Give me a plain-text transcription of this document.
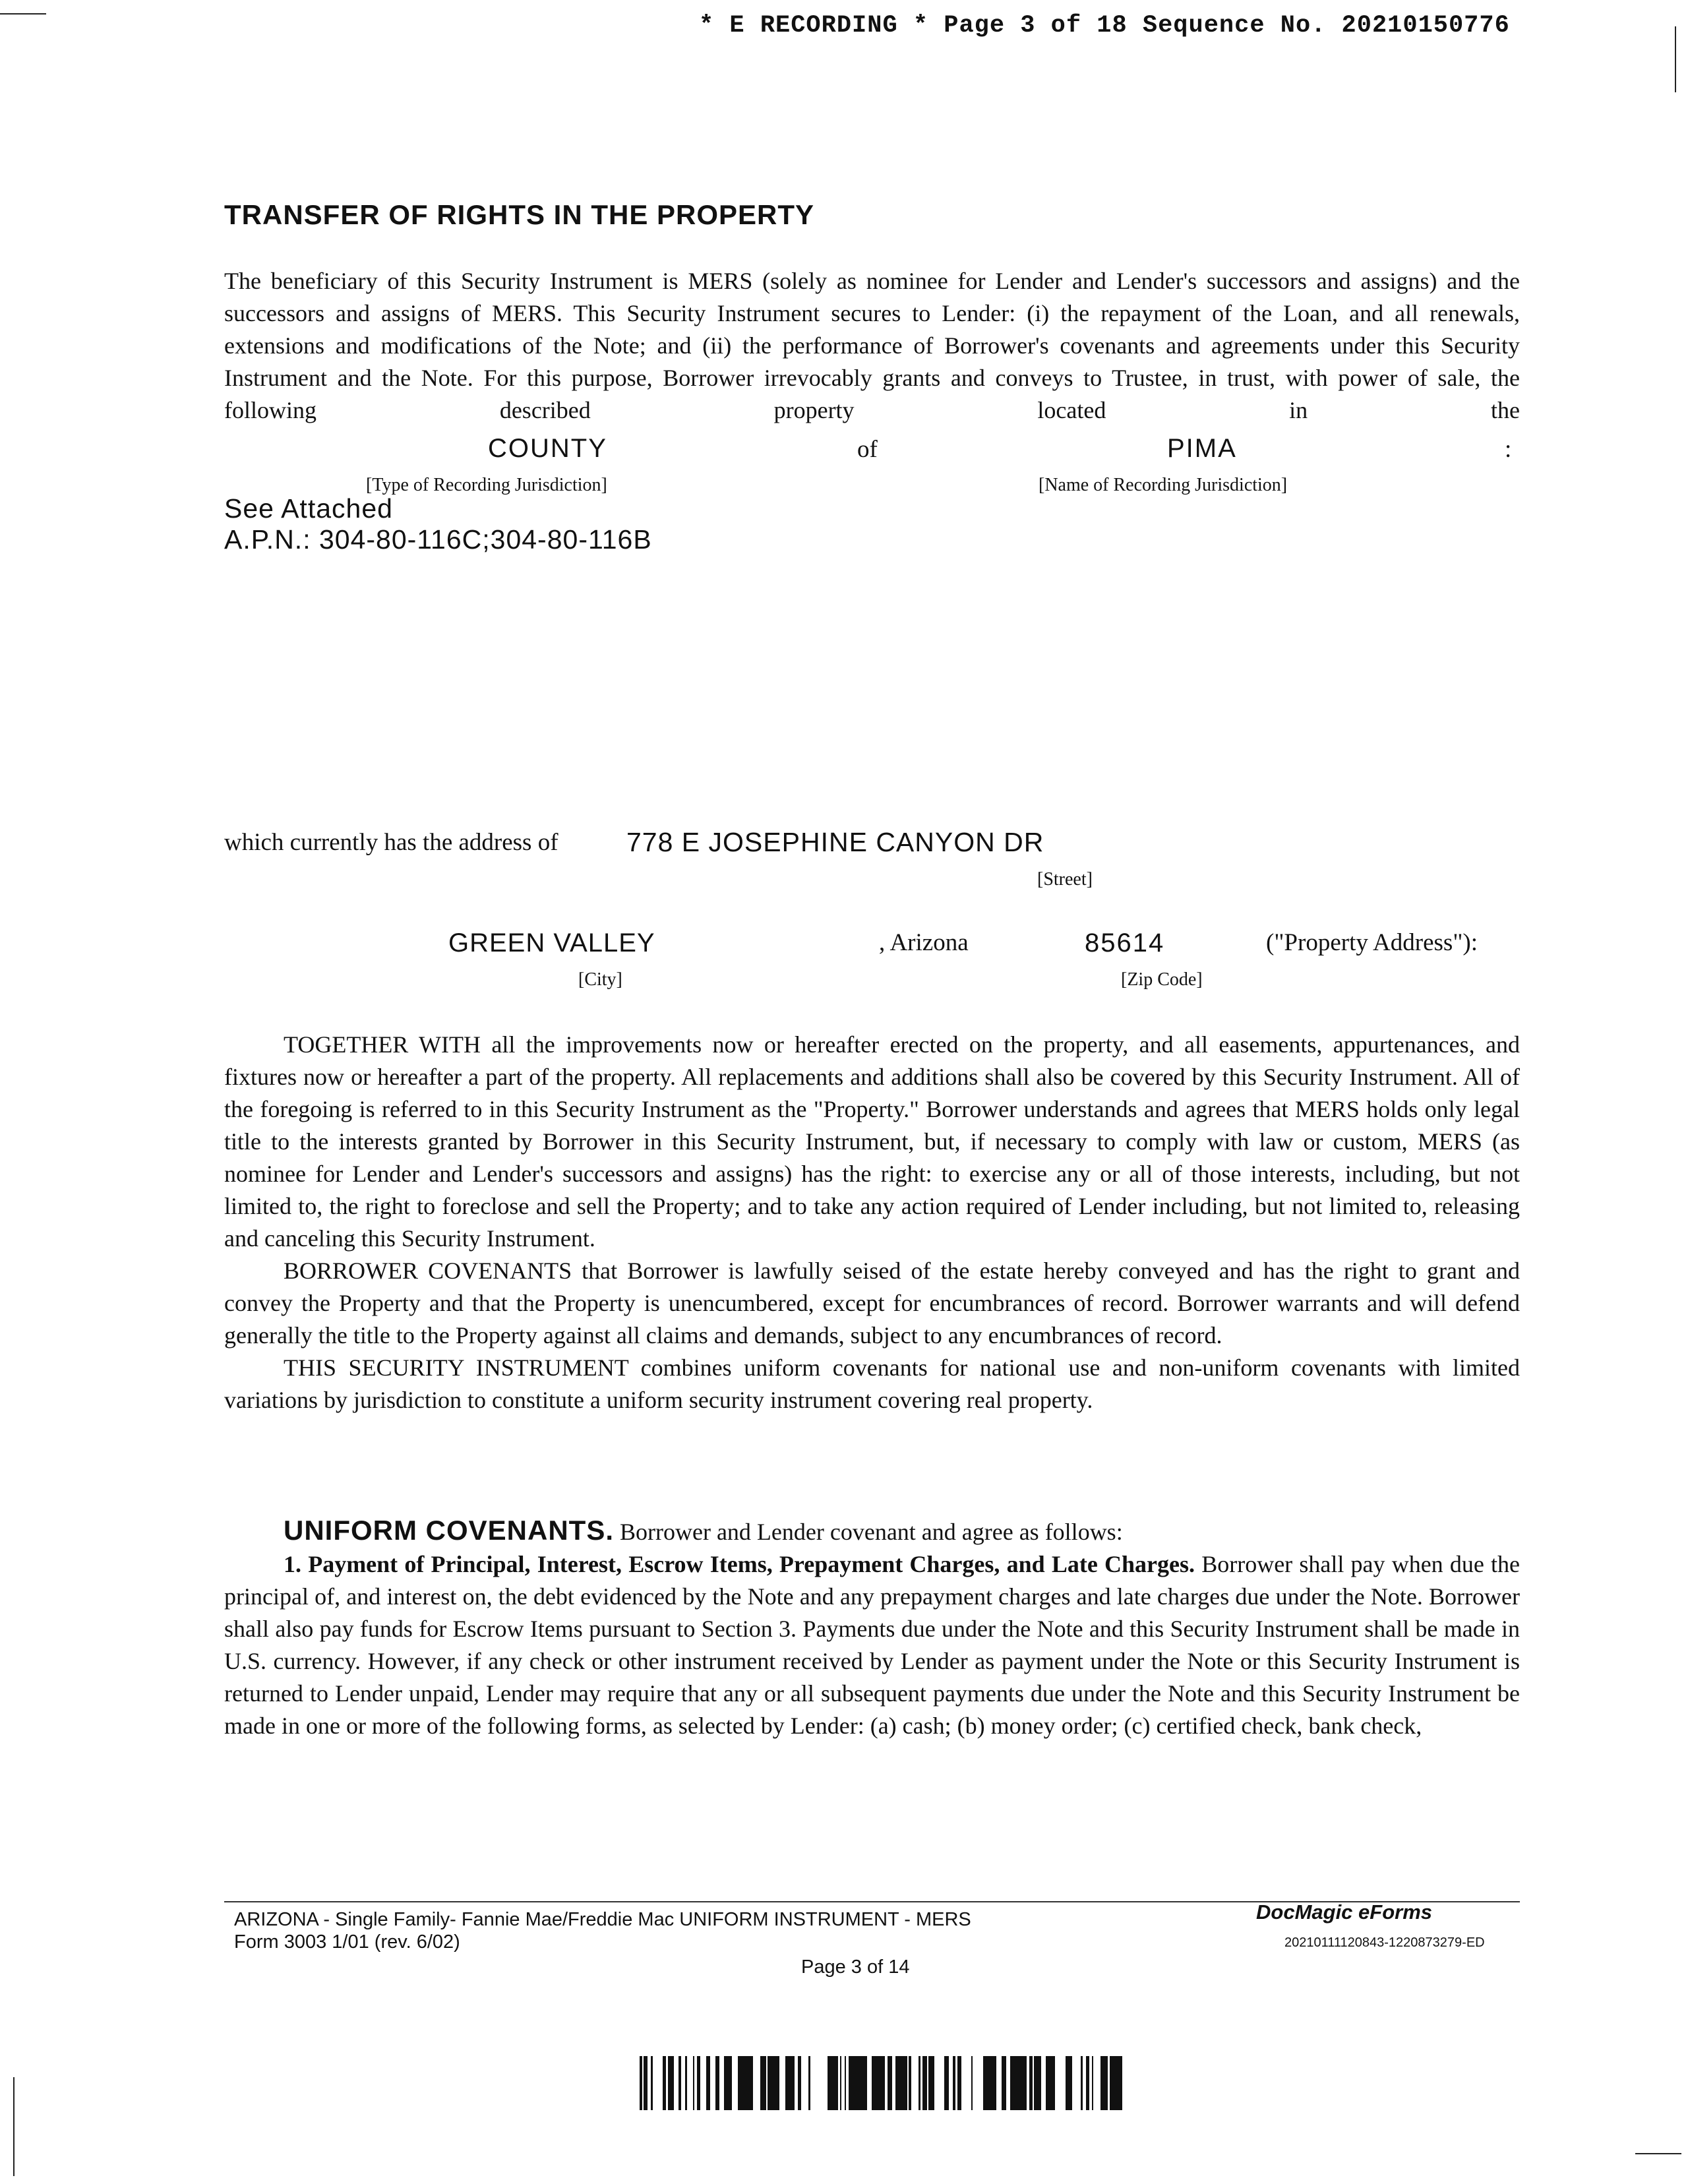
* E RECORDING * Page 3 of 18 Sequence No. 20210150776
TRANSFER OF RIGHTS IN THE PROPERTY

The beneficiary of this Security Instrument is MERS (solely as nominee for Lender and Lender's successors and assigns) and the successors and assigns of MERS. This Security Instrument secures to Lender: (i) the repayment of the Loan, and all renewals, extensions and modifications of the Note; and (ii) the performance of Borrower's covenants and agreements under this Security Instrument and the Note. For this purpose, Borrower irrevocably grants and conveys to Trustee, in trust, with power of sale, the following described property located in the

COUNTY	of	PIMA	:
[Type of Recording Jurisdiction]	[Name of Recording Jurisdiction]
See Attached
A.P.N.: 304-80-116C;304-80-116B
which currently has the address of	778 E JOSEPHINE CANYON DR
[Street]
GREEN VALLEY	, Arizona	85614	("Property Address"):
[City]	[Zip Code]

TOGETHER WITH all the improvements now or hereafter erected on the property, and all easements, appurtenances, and fixtures now or hereafter a part of the property. All replacements and additions shall also be covered by this Security Instrument. All of the foregoing is referred to in this Security Instrument as the "Property." Borrower understands and agrees that MERS holds only legal title to the interests granted by Borrower in this Security Instrument, but, if necessary to comply with law or custom, MERS (as nominee for Lender and Lender's successors and assigns) has the right: to exercise any or all of those interests, including, but not limited to, the right to foreclose and sell the Property; and to take any action required of Lender including, but not limited to, releasing and canceling this Security Instrument.

BORROWER COVENANTS that Borrower is lawfully seised of the estate hereby conveyed and has the right to grant and convey the Property and that the Property is unencumbered, except for encumbrances of record. Borrower warrants and will defend generally the title to the Property against all claims and demands, subject to any encumbrances of record.

THIS SECURITY INSTRUMENT combines uniform covenants for national use and non-uniform covenants with limited variations by jurisdiction to constitute a uniform security instrument covering real property.

UNIFORM COVENANTS. Borrower and Lender covenant and agree as follows:

1. Payment of Principal, Interest, Escrow Items, Prepayment Charges, and Late Charges. Borrower shall pay when due the principal of, and interest on, the debt evidenced by the Note and any prepayment charges and late charges due under the Note. Borrower shall also pay funds for Escrow Items pursuant to Section 3. Payments due under the Note and this Security Instrument shall be made in U.S. currency. However, if any check or other instrument received by Lender as payment under the Note or this Security Instrument is returned to Lender unpaid, Lender may require that any or all subsequent payments due under the Note and this Security Instrument be made in one or more of the following forms, as selected by Lender: (a) cash; (b) money order; (c) certified check, bank check,

ARIZONA - Single Family- Fannie Mae/Freddie Mac UNIFORM INSTRUMENT - MERS
Form 3003 1/01 (rev. 6/02)
Page 3 of 14
DocMagic eForms
20210111120843-1220873279-ED
